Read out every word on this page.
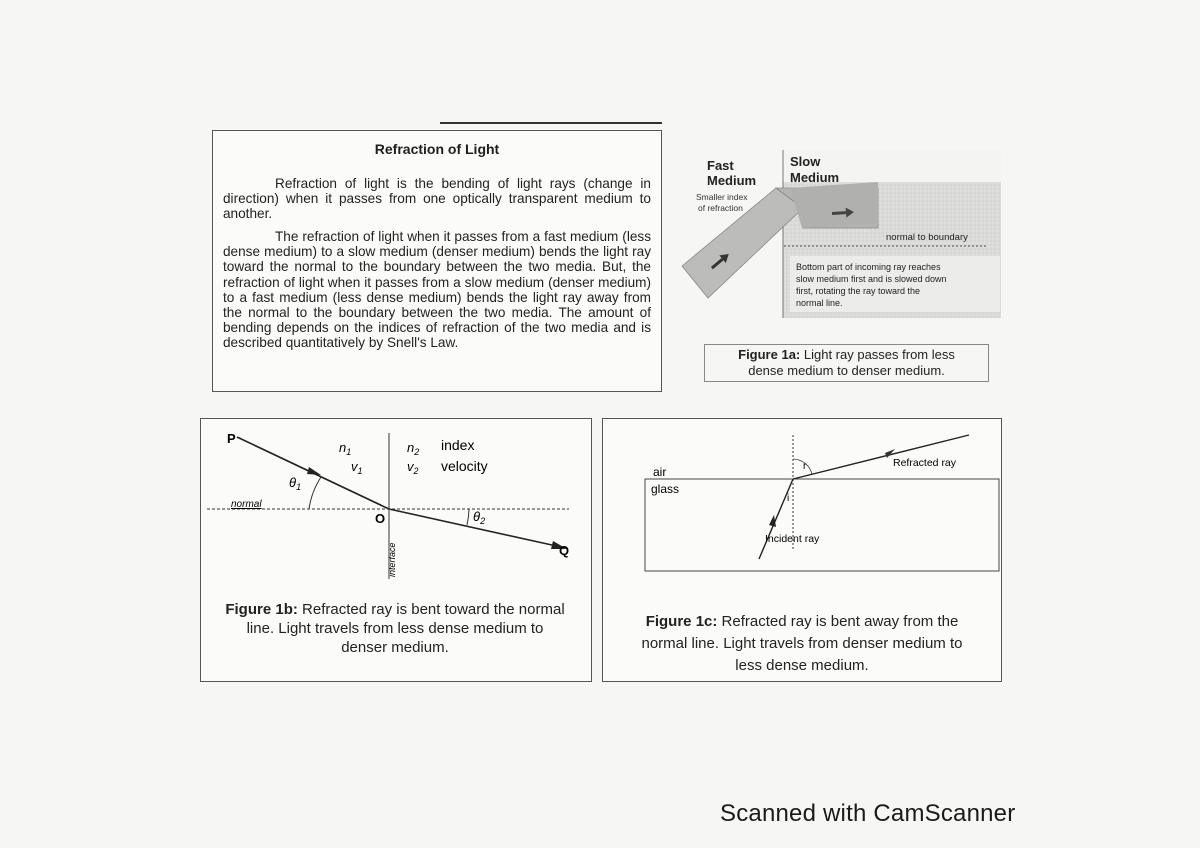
Refraction of Light
Refraction of light is the bending of light rays (change in direction) when it passes from one optically transparent medium to another.
The refraction of light when it passes from a fast medium (less dense medium) to a slow medium (denser medium) bends the light ray toward the normal to the boundary between the two media. But, the refraction of light when it passes from a slow medium (denser medium) to a fast medium (less dense medium) bends the light ray away from the normal to the boundary between the two media. The amount of bending depends on the indices of refraction of the two media and is described quantitatively by Snell's Law.
normal to boundary
Fast
Medium
Smaller index
of refraction
Slow
Medium
Bottom part of incoming ray reaches
slow medium first and is slowed down
first, rotating the ray toward the
normal line.
Figure 1a: Light ray passes from less
dense medium to denser medium.
P
normal
O
Q
$n_1$
$v_1$
$n_2$
$v_2$
index
velocity
$\theta_1$
$\theta_2$
interface
Figure 1b: Refracted ray is bent toward the normal
line. Light travels from less dense medium to
denser medium.
air
glass
r
i
Refracted ray
Incident ray
Figure 1c: Refracted ray is bent away from the
normal line. Light travels from denser medium to
less dense medium.
Scanned with CamScanner
